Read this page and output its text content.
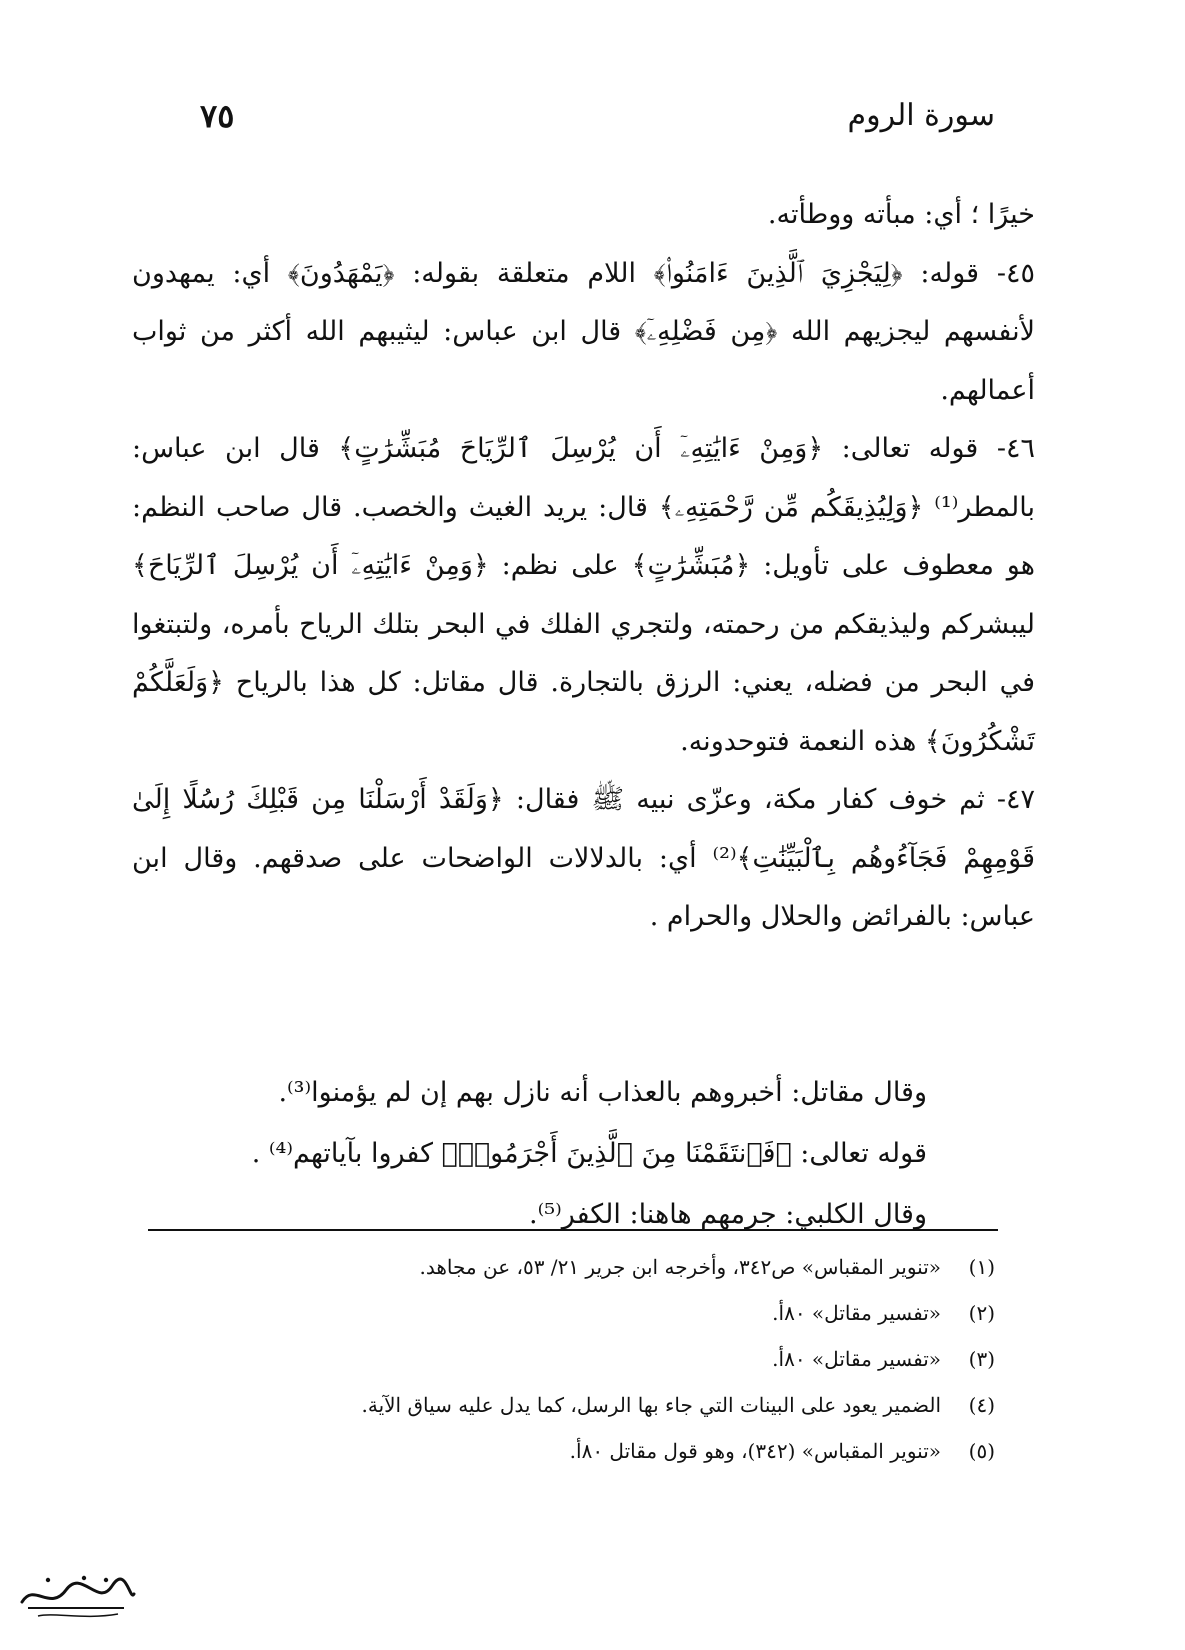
سورة الروم
٧٥

خيرًا ؛ أي: مبأته ووطأته.

٤٥- قوله: ﴿لِيَجْزِيَ ٱلَّذِينَ ءَامَنُوا۟﴾ اللام متعلقة بقوله: ﴿يَمْهَدُونَ﴾ أي: يمهدون لأنفسهم ليجزيهم الله ﴿مِن فَضْلِهِۦٓ﴾ قال ابن عباس: ليثيبهم الله أكثر من ثواب أعمالهم.

٤٦- قوله تعالى: ﴿وَمِنْ ءَايَٰتِهِۦٓ أَن يُرْسِلَ ٱلرِّيَاحَ مُبَشِّرَٰتٍ﴾ قال ابن عباس: بالمطر⁽¹⁾ ﴿وَلِيُذِيقَكُم مِّن رَّحْمَتِهِۦ﴾ قال: يريد الغيث والخصب. قال صاحب النظم: هو معطوف على تأويل: ﴿مُبَشِّرَٰتٍ﴾ على نظم: ﴿وَمِنْ ءَايَٰتِهِۦٓ أَن يُرْسِلَ ٱلرِّيَاحَ﴾ ليبشركم وليذيقكم من رحمته، ولتجري الفلك في البحر بتلك الرياح بأمره، ولتبتغوا في البحر من فضله، يعني: الرزق بالتجارة. قال مقاتل: كل هذا بالرياح ﴿وَلَعَلَّكُمْ تَشْكُرُونَ﴾ هذه النعمة فتوحدونه.

٤٧- ثم خوف كفار مكة، وعزّى نبيه ﷺ فقال: ﴿وَلَقَدْ أَرْسَلْنَا مِن قَبْلِكَ رُسُلًا إِلَىٰ قَوْمِهِمْ فَجَآءُوهُم بِٱلْبَيِّنَٰتِ﴾⁽²⁾ أي: بالدلالات الواضحات على صدقهم. وقال ابن عباس: بالفرائض والحلال والحرام .

وقال مقاتل: أخبروهم بالعذاب أنه نازل بهم إن لم يؤمنوا⁽³⁾.

قوله تعالى: ﴿فَٱنتَقَمْنَا مِنَ ٱلَّذِينَ أَجْرَمُوا۟﴾ كفروا بآياتهم⁽⁴⁾ .

وقال الكلبي: جرمهم هاهنا: الكفر⁽⁵⁾.

(١)
«تنوير المقباس» ص٣٤٢، وأخرجه ابن جرير ٢١/ ٥٣، عن مجاهد.
(٢)
«تفسير مقاتل» ٨٠أ.
(٣)
«تفسير مقاتل» ٨٠أ.
(٤)
الضمير يعود على البينات التي جاء بها الرسل، كما يدل عليه سياق الآية.
(٥)
«تنوير المقباس» (٣٤٢)، وهو قول مقاتل ٨٠أ.
